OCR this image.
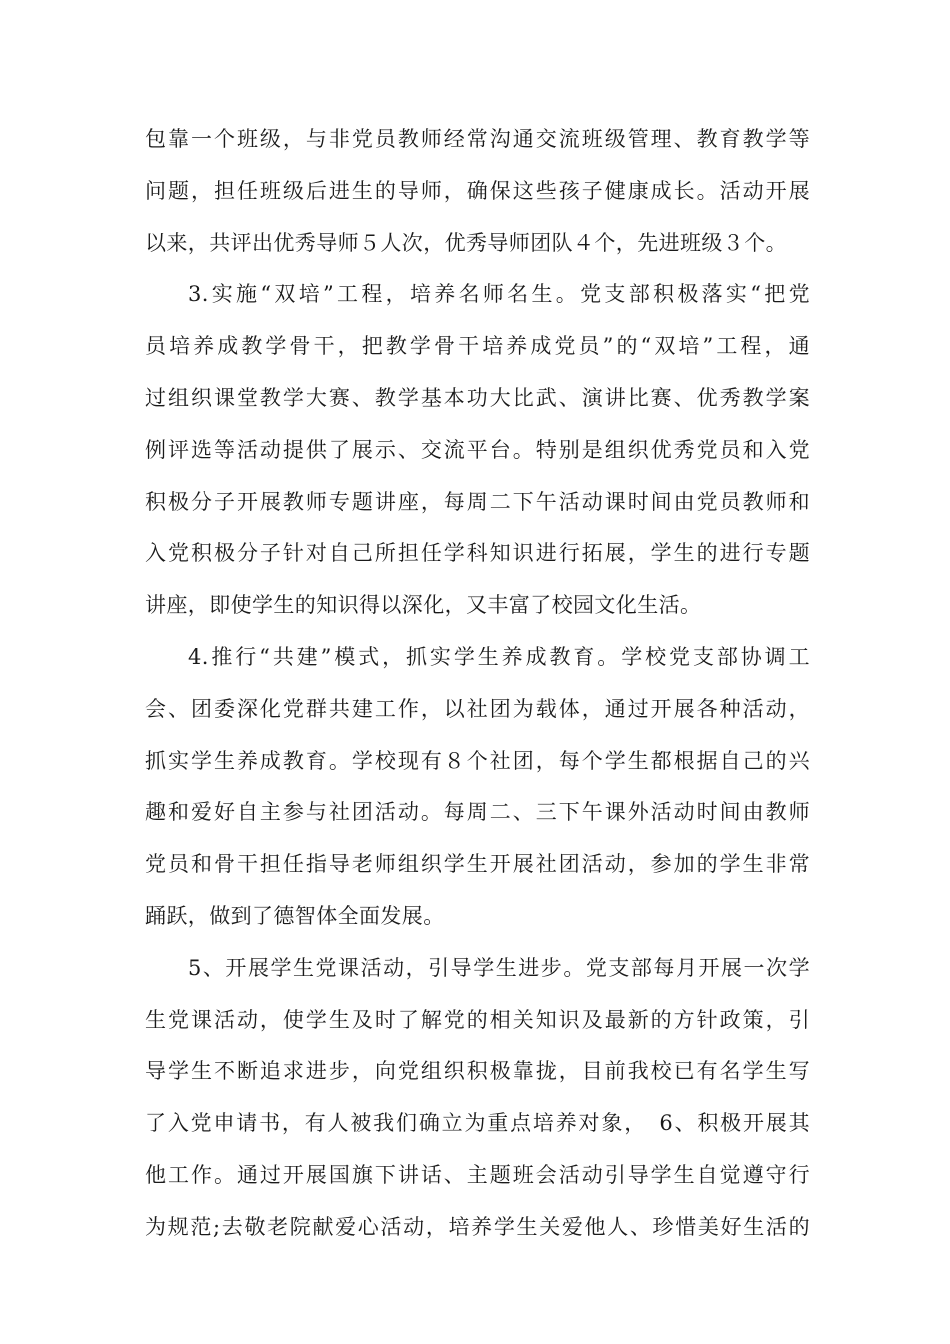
包靠一个班级，与非党员教师经常沟通交流班级管理、教育教学等
问题，担任班级后进生的导师，确保这些孩子健康成长。活动开展
以来，共评出优秀导师５人次，优秀导师团队４个，先进班级３个。
3.实施“双培”工程，培养名师名生。党支部积极落实“把党
员培养成教学骨干，把教学骨干培养成党员”的“双培”工程，通
过组织课堂教学大赛、教学基本功大比武、演讲比赛、优秀教学案
例评选等活动提供了展示、交流平台。特别是组织优秀党员和入党
积极分子开展教师专题讲座，每周二下午活动课时间由党员教师和
入党积极分子针对自己所担任学科知识进行拓展，学生的进行专题
讲座，即使学生的知识得以深化，又丰富了校园文化生活。
4.推行“共建”模式，抓实学生养成教育。学校党支部协调工
会、团委深化党群共建工作，以社团为载体，通过开展各种活动，
抓实学生养成教育。学校现有８个社团，每个学生都根据自己的兴
趣和爱好自主参与社团活动。每周二、三下午课外活动时间由教师
党员和骨干担任指导老师组织学生开展社团活动，参加的学生非常
踊跃，做到了德智体全面发展。
5、开展学生党课活动，引导学生进步。党支部每月开展一次学
生党课活动，使学生及时了解党的相关知识及最新的方针政策，引
导学生不断追求进步，向党组织积极靠拢，目前我校已有名学生写
了入党申请书，有人被我们确立为重点培养对象，　6、积极开展其
他工作。通过开展国旗下讲话、主题班会活动引导学生自觉遵守行
为规范;去敬老院献爱心活动，培养学生关爱他人、珍惜美好生活的
